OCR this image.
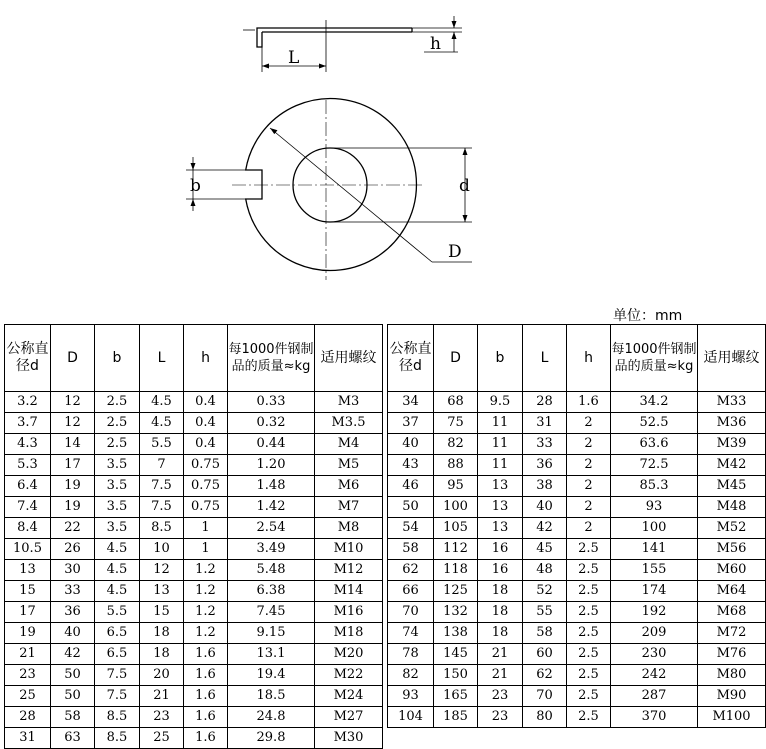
L
h
b	d
D
单位：mm
公称直径d	D	b	L	h	每1000件钢制品的质量≈kg	适用螺纹
3.2	12	2.5	4.5	0.4	0.33	M3
3.7	12	2.5	4.5	0.4	0.32	M3.5
4.3	14	2.5	5.5	0.4	0.44	M4
5.3	17	3.5	7	0.75	1.20	M5
6.4	19	3.5	7.5	0.75	1.48	M6
7.4	19	3.5	7.5	0.75	1.42	M7
8.4	22	3.5	8.5	1	2.54	M8
10.5	26	4.5	10	1	3.49	M10
13	30	4.5	12	1.2	5.48	M12
15	33	4.5	13	1.2	6.38	M14
17	36	5.5	15	1.2	7.45	M16
19	40	6.5	18	1.2	9.15	M18
21	42	6.5	18	1.6	13.1	M20
23	50	7.5	20	1.6	19.4	M22
25	50	7.5	21	1.6	18.5	M24
28	58	8.5	23	1.6	24.8	M27
31	63	8.5	25	1.6	29.8	M30
公称直径d	D	b	L	h	每1000件钢制品的质量≈kg	适用螺纹
34	68	9.5	28	1.6	34.2	M33
37	75	11	31	2	52.5	M36
40	82	11	33	2	63.6	M39
43	88	11	36	2	72.5	M42
46	95	13	38	2	85.3	M45
50	100	13	40	2	93	M48
54	105	13	42	2	100	M52
58	112	16	45	2.5	141	M56
62	118	16	48	2.5	155	M60
66	125	18	52	2.5	174	M64
70	132	18	55	2.5	192	M68
74	138	18	58	2.5	209	M72
78	145	21	60	2.5	230	M76
82	150	21	62	2.5	242	M80
93	165	23	70	2.5	287	M90
104	185	23	80	2.5	370	M100
